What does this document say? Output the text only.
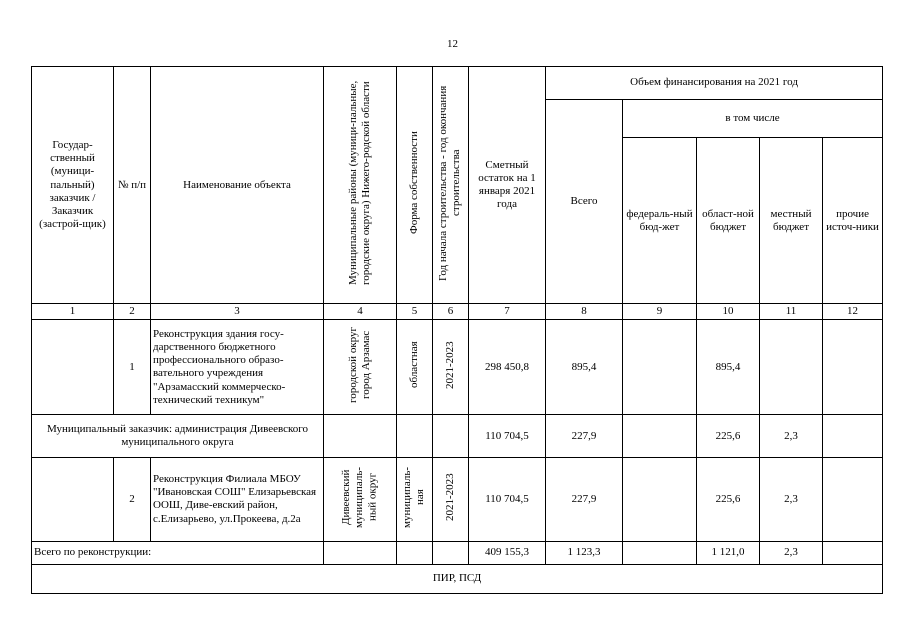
12
Государ-ственный (муници-пальный) заказчик / Заказчик (застрой-щик)	№ п/п	Наименование объекта	Муниципальные районы (муници-пальные, городские округа) Нижего-родской области	Форма собственности	Год начала строительства - год окончания строительства	Сметный остаток на 1 января 2021 года	Объем финансирования на 2021 год				
							Всего	в том числе			
								федераль-ный бюд-жет	област-ной бюджет	местный бюджет	прочие источ-ники
1	2	3	4	5	6	7	8	9	10	11	12
	1	Реконструкция здания госу-дарственного бюджетного профессионального образо-вательного учреждения "Арзамасский коммерческо-технический техникум"	городской округ город Арзамас	областная	2021-2023	298 450,8	895,4		895,4		
Муниципальный заказчик: администрация Дивеевского муниципального округа						110 704,5	227,9		225,6	2,3	
	2	Реконструкция Филиала МБОУ "Ивановская СОШ" Елизарьевская ООШ, Диве-евский район, с.Елизарьево, ул.Прокеева, д.2а	Дивеевский муниципаль-ный округ	муниципаль-ная	2021-2023	110 704,5	227,9		225,6	2,3	
Всего по реконструкции:						409 155,3	1 123,3		1 121,0	2,3	
ПИР, ПСД											
